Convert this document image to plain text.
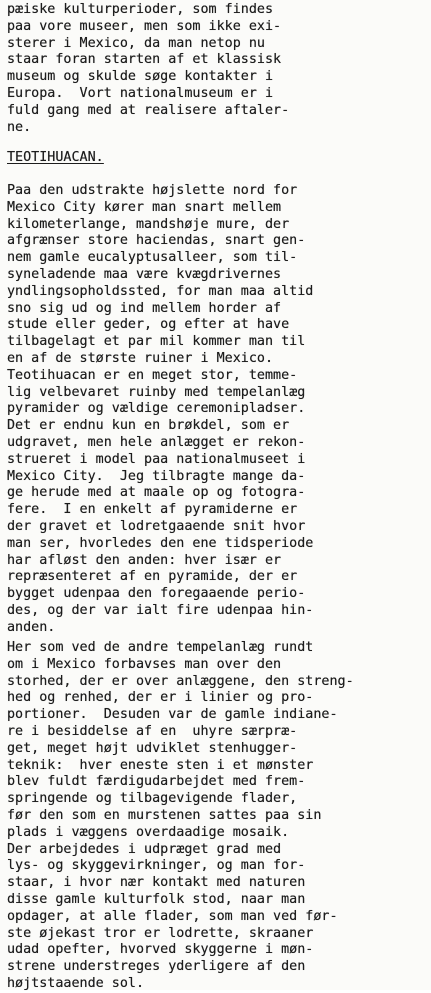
pæiske kulturperioder, som findes
paa vore museer, men som ikke exi-
sterer i Mexico, da man netop nu
staar foran starten af et klassisk
museum og skulde søge kontakter i
Europa.  Vort nationalmuseum er i
fuld gang med at realisere aftaler-
ne.
TEOTIHUACAN.
Paa den udstrakte højslette nord for
Mexico City kører man snart mellem
kilometerlange, mandshøje mure, der
afgrænser store haciendas, snart gen-
nem gamle eucalyptusalleer, som til-
syneladende maa være kvægdrivernes
yndlingsopholdssted, for man maa altid
sno sig ud og ind mellem horder af
stude eller geder, og efter at have
tilbagelagt et par mil kommer man til
en af de største ruiner i Mexico.
Teotihuacan er en meget stor, temme-
lig velbevaret ruinby med tempelanlæg
pyramider og vældige ceremonipladser.
Det er endnu kun en brøkdel, som er
udgravet, men hele anlægget er rekon-
strueret i model paa nationalmuseet i
Mexico City.  Jeg tilbragte mange da-
ge herude med at maale op og fotogra-
fere.  I en enkelt af pyramiderne er
der gravet et lodretgaaende snit hvor
man ser, hvorledes den ene tidsperiode
har afløst den anden: hver især er
repræsenteret af en pyramide, der er
bygget udenpaa den foregaaende perio-
des, og der var ialt fire udenpaa hin-
anden.
Her som ved de andre tempelanlæg rundt
om i Mexico forbavses man over den
storhed, der er over anlæggene, den streng-
hed og renhed, der er i linier og pro-
portioner.  Desuden var de gamle indiane-
re i besiddelse af en  uhyre særpræ-
get, meget højt udviklet stenhugger-
teknik:  hver eneste sten i et mønster
blev fuldt færdigudarbejdet med frem-
springende og tilbagevigende flader,
før den som en murstenen sattes paa sin
plads i væggens overdaadige mosaik.
Der arbejdedes i udpræget grad med
lys- og skyggevirkninger, og man for-
staar, i hvor nær kontakt med naturen
disse gamle kulturfolk stod, naar man
opdager, at alle flader, som man ved før-
ste øjekast tror er lodrette, skraaner
udad opefter, hvorved skyggerne i møn-
strene understreges yderligere af den
højtstaaende sol.
